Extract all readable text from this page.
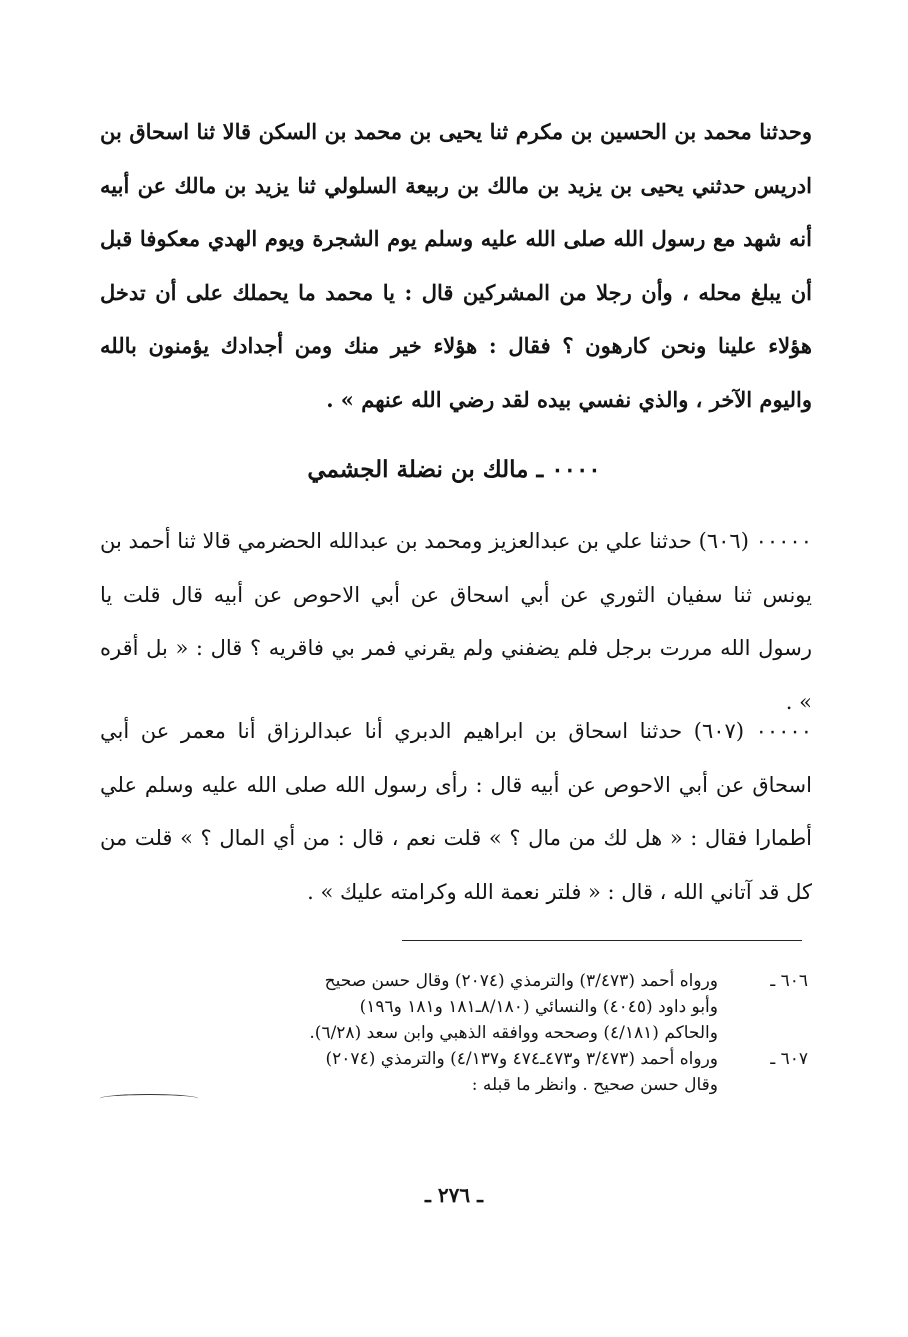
وحدثنا محمد بن الحسين بن مكرم ثنا يحيى بن محمد بن السكن قالا ثنا اسحاق بن ادريس حدثني يحيى بن يزيد بن مالك بن ربيعة السلولي ثنا يزيد بن مالك عن أبيه أنه شهد مع رسول الله صلى الله عليه وسلم يوم الشجرة ويوم الهدي معكوفا قبل أن يبلغ محله ، وأن رجلا من المشركين قال : يا محمد ما يحملك على أن تدخل هؤلاء علينا ونحن كارهون ؟ فقال : هؤلاء خير منك ومن أجدادك يؤمنون بالله واليوم الآخر ، والذي نفسي بيده لقد رضي الله عنهم » .

٠٠٠٠ ـ مالك بن نضلة الجشمي

٠٠٠٠٠ (٦٠٦) حدثنا علي بن عبدالعزيز ومحمد بن عبدالله الحضرمي قالا ثنا أحمد بن يونس ثنا سفيان الثوري عن أبي اسحاق عن أبي الاحوص عن أبيه قال قلت يا رسول الله مررت برجل فلم يضفني ولم يقرني فمر بي فاقريه ؟ قال : « بل أقره » .

٠٠٠٠٠ (٦٠٧) حدثنا اسحاق بن ابراهيم الدبري أنا عبدالرزاق أنا معمر عن أبي اسحاق عن أبي الاحوص عن أبيه قال : رأى رسول الله صلى الله عليه وسلم علي أطمارا فقال : « هل لك من مال ؟ » قلت نعم ، قال : من أي المال ؟ » قلت من كل قد آتاني الله ، قال : « فلتر نعمة الله وكرامته عليك » .

٦٠٦ ـ
ورواه أحمد (٣/٤٧٣) والترمذي (٢٠٧٤) وقال حسن صحيح
وأبو داود (٤٠٤٥) والنسائي (٨/١٨٠ـ١٨١ و١٨١ و١٩٦)
والحاكم (٤/١٨١) وصححه ووافقه الذهبي وابن سعد (٦/٢٨).
٦٠٧ ـ
ورواه أحمد (٣/٤٧٣ و٤٧٣ـ٤٧٤ و٤/١٣٧) والترمذي (٢٠٧٤)
وقال حسن صحيح . وانظر ما قبله :

ـ ٢٧٦ ـ
